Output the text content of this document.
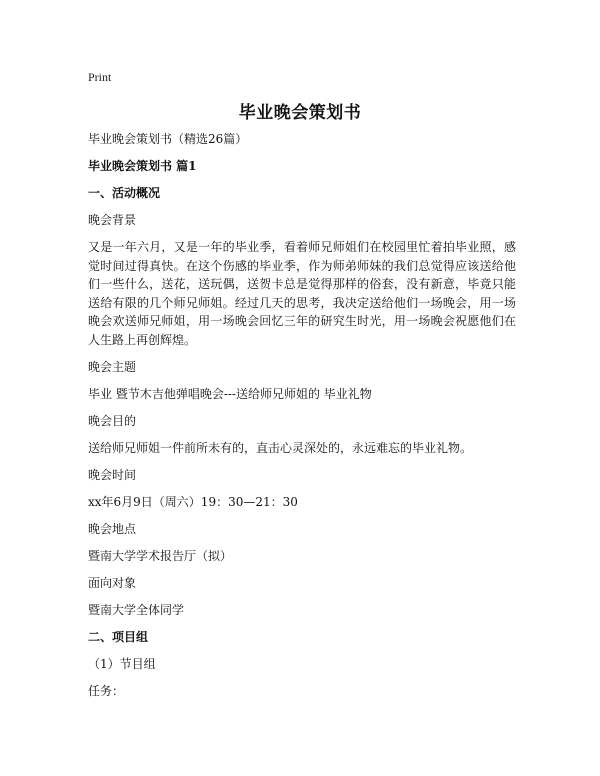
Print
毕业晚会策划书

毕业晚会策划书（精选26篇）

毕业晚会策划书 篇1

一、活动概况

晚会背景

又是一年六月，又是一年的毕业季，看着师兄师姐们在校园里忙着拍毕业照，感觉时间过得真快。在这个伤感的毕业季，作为师弟师妹的我们总觉得应该送给他们一些什么，送花，送玩偶，送贺卡总是觉得那样的俗套，没有新意，毕竟只能送给有限的几个师兄师姐。经过几天的思考，我决定送给他们一场晚会，用一场晚会欢送师兄师姐，用一场晚会回忆三年的研究生时光，用一场晚会祝愿他们在人生路上再创辉煌。

晚会主题

毕业 暨节木吉他弹唱晚会---送给师兄师姐的 毕业礼物

晚会目的

送给师兄师姐一件前所未有的，直击心灵深处的，永远难忘的毕业礼物。

晚会时间

xx年6月9日（周六）19：30—21：30

晚会地点

暨南大学学术报告厅（拟）

面向对象

暨南大学全体同学

二、项目组

（1）节目组

任务：
